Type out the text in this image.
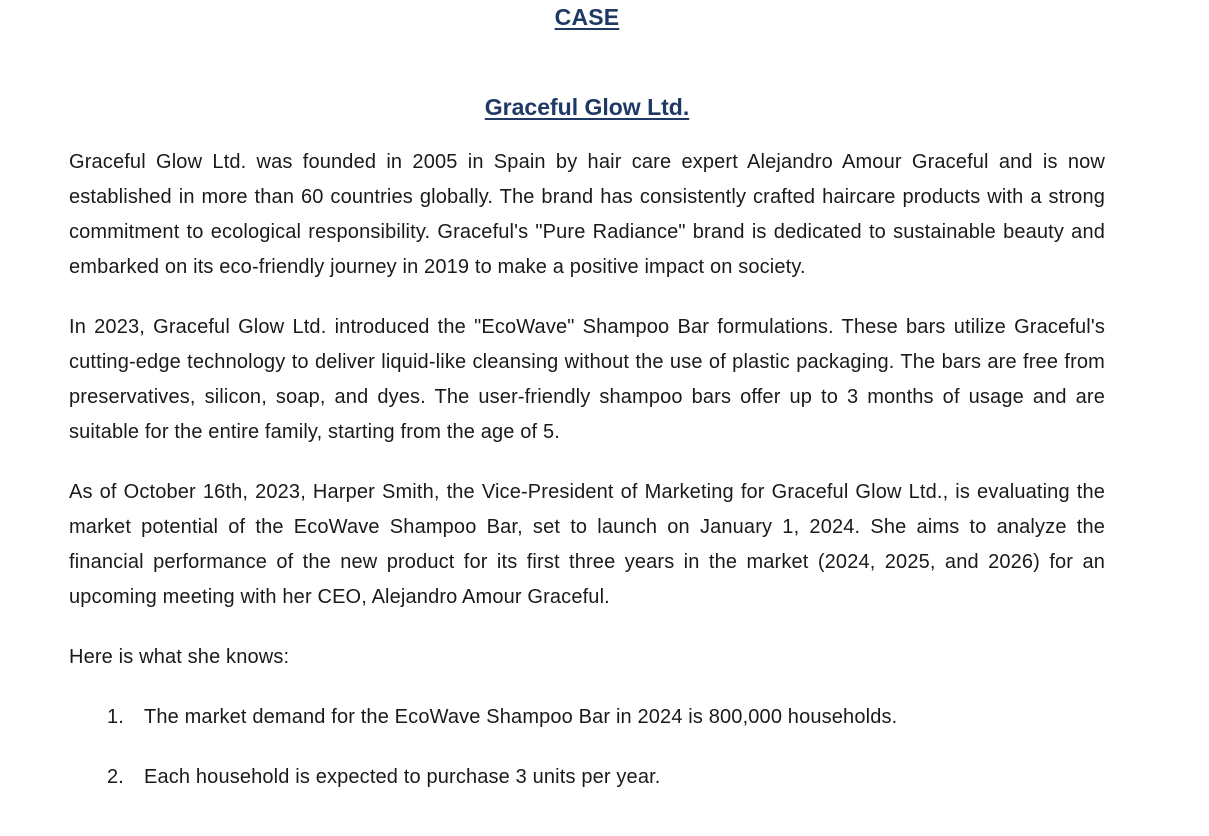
CASE
Graceful Glow Ltd.

Graceful Glow Ltd. was founded in 2005 in Spain by hair care expert Alejandro Amour Graceful and is now established in more than 60 countries globally. The brand has consistently crafted haircare products with a strong commitment to ecological responsibility. Graceful's "Pure Radiance" brand is dedicated to sustainable beauty and embarked on its eco-friendly journey in 2019 to make a positive impact on society.

In 2023, Graceful Glow Ltd. introduced the "EcoWave" Shampoo Bar formulations. These bars utilize Graceful's cutting-edge technology to deliver liquid-like cleansing without the use of plastic packaging. The bars are free from preservatives, silicon, soap, and dyes. The user-friendly shampoo bars offer up to 3 months of usage and are suitable for the entire family, starting from the age of 5.

As of October 16th, 2023, Harper Smith, the Vice-President of Marketing for Graceful Glow Ltd., is evaluating the market potential of the EcoWave Shampoo Bar, set to launch on January 1, 2024. She aims to analyze the financial performance of the new product for its first three years in the market (2024, 2025, and 2026) for an upcoming meeting with her CEO, Alejandro Amour Graceful.

Here is what she knows:

1. The market demand for the EcoWave Shampoo Bar in 2024 is 800,000 households.
2. Each household is expected to purchase 3 units per year.
